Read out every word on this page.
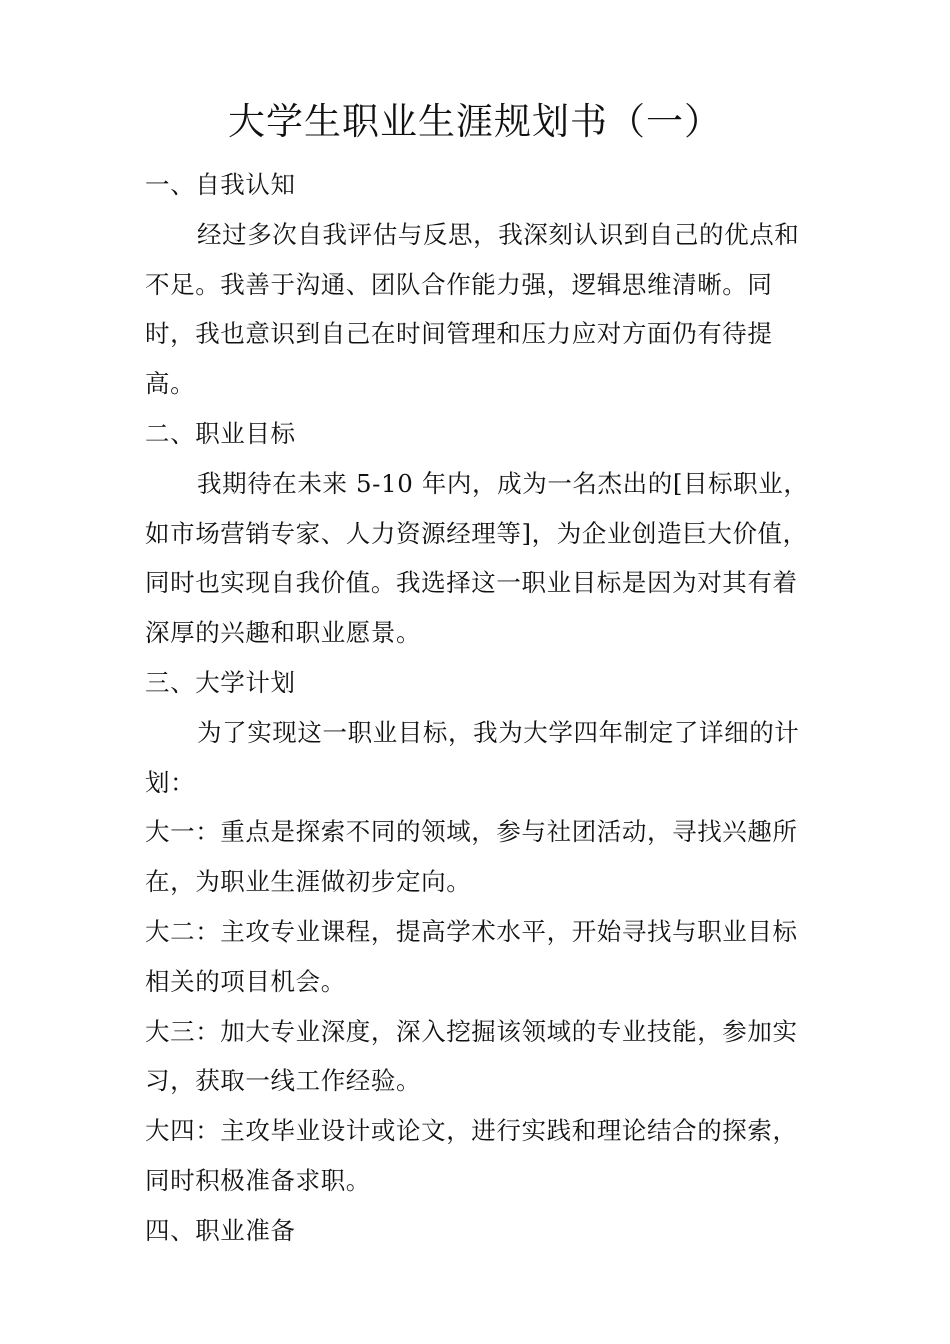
大学生职业生涯规划书（一）
一、自我认知

经过多次自我评估与反思，我深刻认识到自己的优点和不足。我善于沟通、团队合作能力强，逻辑思维清晰。同时，我也意识到自己在时间管理和压力应对方面仍有待提高。

二、职业目标

我期待在未来 5-10 年内，成为一名杰出的[目标职业，如市场营销专家、人力资源经理等]，为企业创造巨大价值，同时也实现自我价值。我选择这一职业目标是因为对其有着深厚的兴趣和职业愿景。

三、大学计划

为了实现这一职业目标，我为大学四年制定了详细的计划：

大一：重点是探索不同的领域，参与社团活动，寻找兴趣所在，为职业生涯做初步定向。

大二：主攻专业课程，提高学术水平，开始寻找与职业目标相关的项目机会。

大三：加大专业深度，深入挖掘该领域的专业技能，参加实习，获取一线工作经验。

大四：主攻毕业设计或论文，进行实践和理论结合的探索，同时积极准备求职。

四、职业准备
